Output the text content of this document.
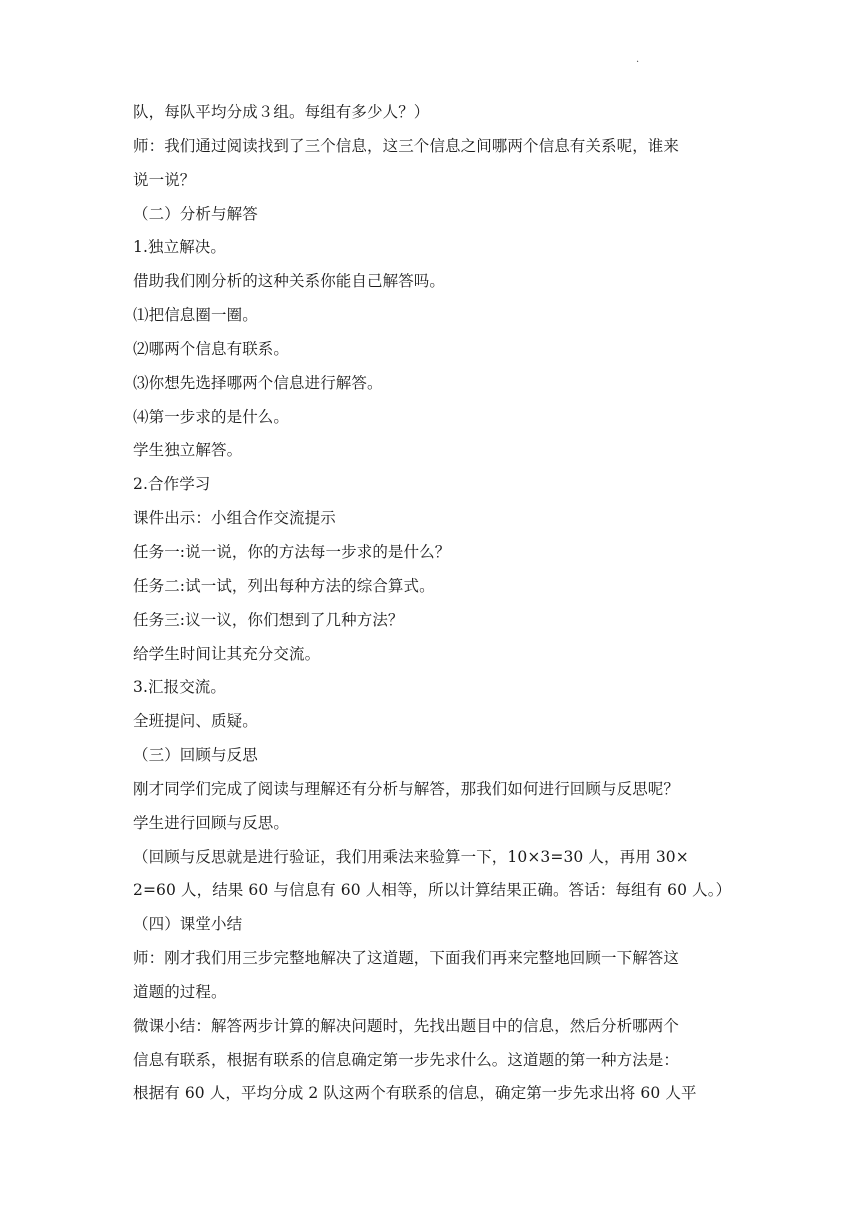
·
队，每队平均分成３组。每组有多少人？）
师：我们通过阅读找到了三个信息，这三个信息之间哪两个信息有关系呢，谁来
说一说？
（二）分析与解答
1.独立解决。
借助我们刚分析的这种关系你能自己解答吗。
⑴把信息圈一圈。
⑵哪两个信息有联系。
⑶你想先选择哪两个信息进行解答。
⑷第一步求的是什么。
学生独立解答。
2.合作学习
课件出示：小组合作交流提示
任务一:说一说，你的方法每一步求的是什么？
任务二:试一试，列出每种方法的综合算式。
任务三:议一议，你们想到了几种方法？
给学生时间让其充分交流。
3.汇报交流。
全班提问、质疑。
（三）回顾与反思
刚才同学们完成了阅读与理解还有分析与解答，那我们如何进行回顾与反思呢？
学生进行回顾与反思。
（回顾与反思就是进行验证，我们用乘法来验算一下，10×3=30 人，再用 30×
2=60 人，结果 60 与信息有 60 人相等，所以计算结果正确。答话：每组有 60 人。）
（四）课堂小结
师：刚才我们用三步完整地解决了这道题，下面我们再来完整地回顾一下解答这
道题的过程。
微课小结：解答两步计算的解决问题时，先找出题目中的信息，然后分析哪两个
信息有联系，根据有联系的信息确定第一步先求什么。这道题的第一种方法是：
根据有 60 人，平均分成 2 队这两个有联系的信息，确定第一步先求出将 60 人平
